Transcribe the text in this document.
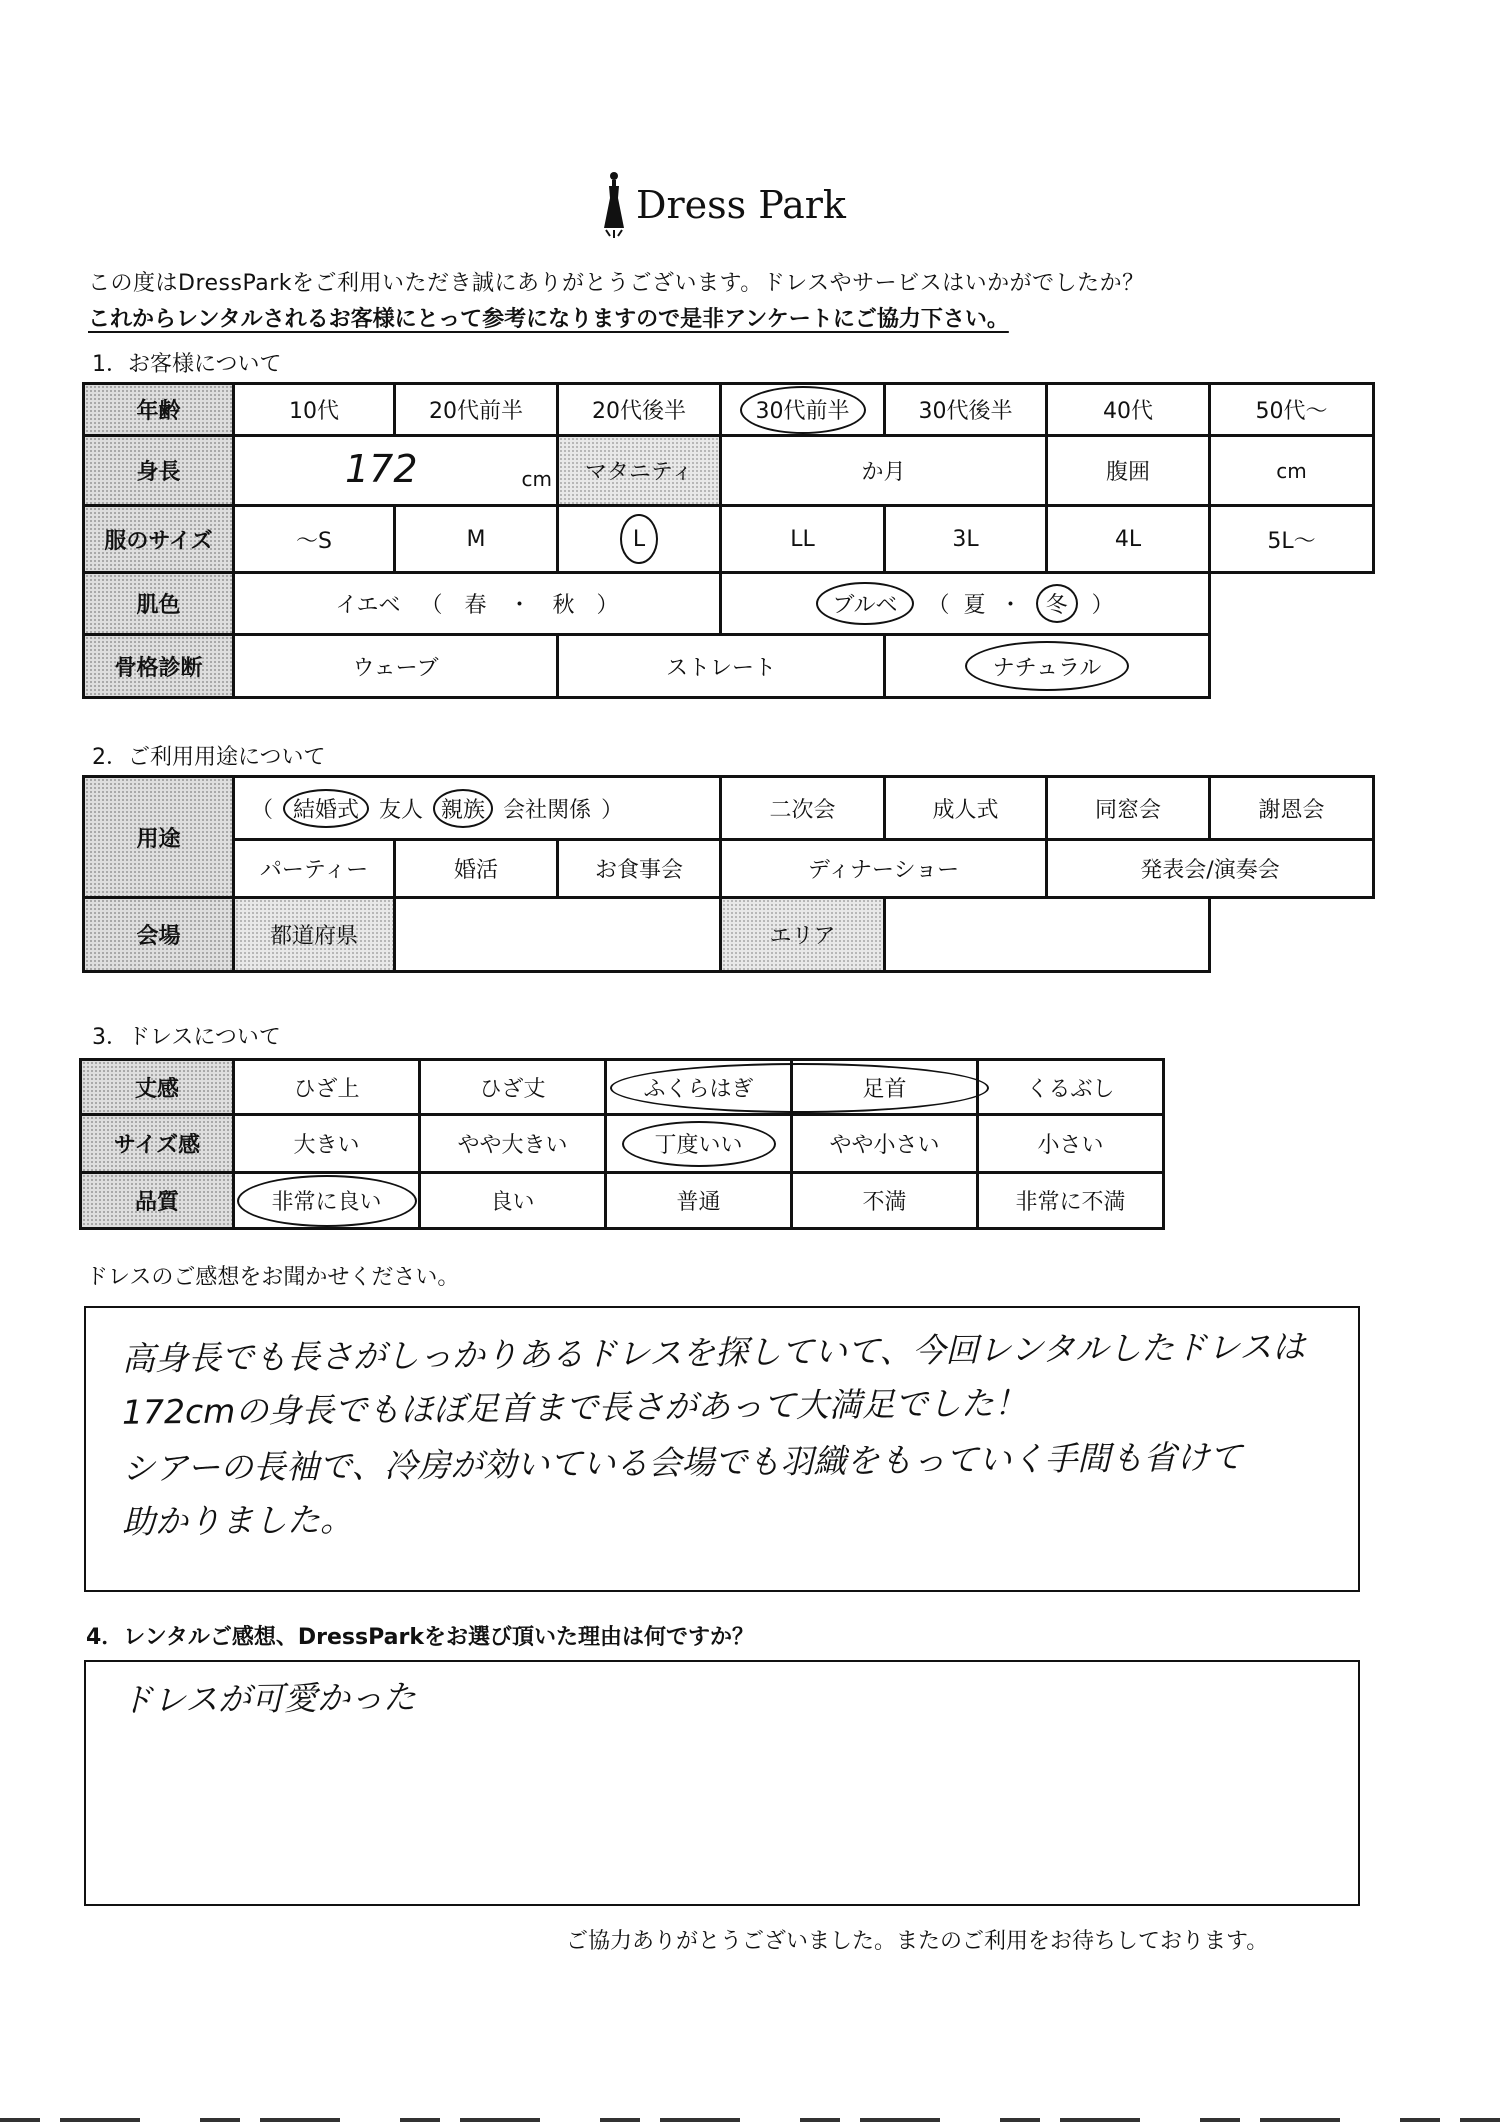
Dress Park
この度はDressParkをご利用いただき誠にありがとうございます。ドレスやサービスはいかがでしたか？
これからレンタルされるお客様にとって参考になりますので是非アンケートにご協力下さい。
1．お客様について
年齢	10代	20代前半	20代後半	30代前半	30代後半	40代	50代～
身長	172	cm	マタニティ	か月	腹囲	cm
服のサイズ	～S	M	L	LL	3L	4L	5L～
肌色	イエベ （　春　・　秋　）	ブルベ	（ 夏 ・	冬	）
骨格診断	ウェーブ	ストレート	ナチュラル
2．ご利用用途について
用途
（ 結婚式 友人 親族 会社関係 ）	二次会	成人式	同窓会	謝恩会
パーティー	婚活	お食事会	ディナーショー	発表会/演奏会
会場	都道府県	エリア
3．ドレスについて
丈感	ひざ上	ひざ丈	ふくらはぎ	足首	くるぶし
サイズ感	大きい	やや大きい	丁度いい	やや小さい	小さい
品質	非常に良い	良い	普通	不満	非常に不満
ドレスのご感想をお聞かせください。
高身長でも長さがしっかりあるドレスを探していて、今回レンタルしたドレスは
172cmの身長でもほぼ足首まで長さがあって大満足でした！
シアーの長袖で、冷房が効いている会場でも羽織をもっていく手間も省けて
助かりました。
4．レンタルご感想、DressParkをお選び頂いた理由は何ですか？
ドレスが可愛かった
ご協力ありがとうございました。またのご利用をお待ちしております。
